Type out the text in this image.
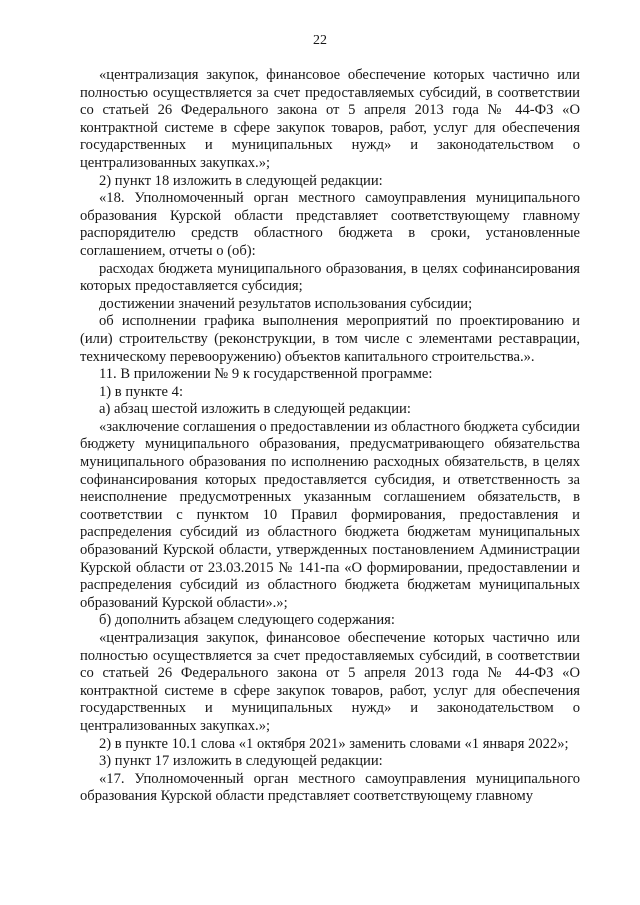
22

«централизация закупок, финансовое обеспечение которых частично или полностью осуществляется за счет предоставляемых субсидий, в соответствии со статьей 26 Федерального закона от 5 апреля 2013 года № 44-ФЗ «О контрактной системе в сфере закупок товаров, работ, услуг для обеспечения государственных и муниципальных нужд» и законодательством о централизованных закупках.»;

2) пункт 18 изложить в следующей редакции:

«18. Уполномоченный орган местного самоуправления муниципального образования Курской области представляет соответствующему главному распорядителю средств областного бюджета в сроки, установленные соглашением, отчеты о (об):

расходах бюджета муниципального образования, в целях софинансирования которых предоставляется субсидия;

достижении значений результатов использования субсидии;

об исполнении графика выполнения мероприятий по проектированию и (или) строительству (реконструкции, в том числе с элементами реставрации, техническому перевооружению) объектов капитального строительства.».

11. В приложении № 9 к государственной программе:

1) в пункте 4:

а) абзац шестой изложить в следующей редакции:

«заключение соглашения о предоставлении из областного бюджета субсидии бюджету муниципального образования, предусматривающего обязательства муниципального образования по исполнению расходных обязательств, в целях софинансирования которых предоставляется субсидия, и ответственность за неисполнение предусмотренных указанным соглашением обязательств, в соответствии с пунктом 10 Правил формирования, предоставления и распределения субсидий из областного бюджета бюджетам муниципальных образований Курской области, утвержденных постановлением Администрации Курской области от 23.03.2015 № 141-па «О формировании, предоставлении и распределения субсидий из областного бюджета бюджетам муниципальных образований Курской области».»;

б) дополнить абзацем следующего содержания:

«централизация закупок, финансовое обеспечение которых частично или полностью осуществляется за счет предоставляемых субсидий, в соответствии со статьей 26 Федерального закона от 5 апреля 2013 года № 44-ФЗ «О контрактной системе в сфере закупок товаров, работ, услуг для обеспечения государственных и муниципальных нужд» и законодательством о централизованных закупках.»;

2) в пункте 10.1 слова «1 октября 2021» заменить словами «1 января 2022»;

3) пункт 17 изложить в следующей редакции:

«17. Уполномоченный орган местного самоуправления муниципального образования Курской области представляет соответствующему главному
